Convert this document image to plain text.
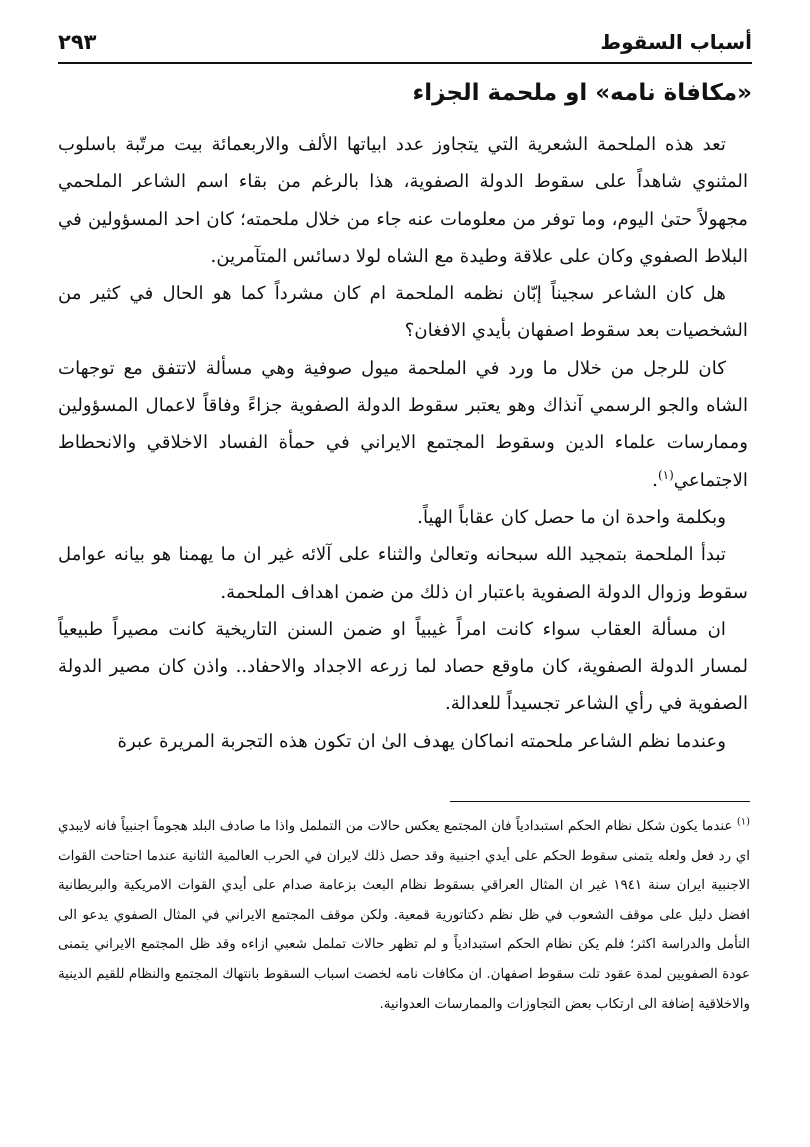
أسباب السقوط
٢٩٣
«مكافاة نامه» او ملحمة الجزاء

تعد هذه الملحمة الشعرية التي يتجاوز عدد ابياتها الألف والاربعمائة بيت مرتّبة باسلوب المثنوي شاهداً على سقوط الدولة الصفوية، هذا بالرغم من بقاء اسم الشاعر الملحمي مجهولاً حتىٰ اليوم، وما توفر من معلومات عنه جاء من خلال ملحمته؛ كان احد المسؤولين في البلاط الصفوي وكان على علاقة وطيدة مع الشاه لولا دسائس المتآمرين.

هل كان الشاعر سجيناً إبّان نظمه الملحمة ام كان مشرداً كما هو الحال في كثير من الشخصيات بعد سقوط اصفهان بأيدي الافغان؟

كان للرجل من خلال ما ورد في الملحمة ميول صوفية وهي مسألة لاتتفق مع توجهات الشاه والجو الرسمي آنذاك وهو يعتبر سقوط الدولة الصفوية جزاءً وفاقاً لاعمال المسؤولين وممارسات علماء الدين وسقوط المجتمع الايراني في حمأة الفساد الاخلاقي والانحطاط الاجتماعي$^{(١)}$.

وبكلمة واحدة ان ما حصل كان عقاباً الهياً.

تبدأ الملحمة بتمجيد الله سبحانه وتعالىٰ والثناء على آلائه غير ان ما يهمنا هو بيانه عوامل سقوط وزوال الدولة الصفوية باعتبار ان ذلك من ضمن اهداف الملحمة.

ان مسألة العقاب سواء كانت امراً غيبياً او ضمن السنن التاريخية كانت مصيراً طبيعياً لمسار الدولة الصفوية، كان ماوقع حصاد لما زرعه الاجداد والاحفاد.. واذن كان مصير الدولة الصفوية في رأي الشاعر تجسيداً للعدالة.

وعندما نظم الشاعر ملحمته انماكان يهدف الىٰ ان تكون هذه التجربة المريرة عبرة

$^{(١)}$ عندما يكون شكل نظام الحكم استبدادياً فان المجتمع يعكس حالات من التململ واذا ما صادف البلد هجوماً اجنبياً فانه لايبدي اي رد فعل ولعله يتمنى سقوط الحكم على أيدي اجنبية وقد حصل ذلك لايران في الحرب العالمية الثانية عندما احتاحت القوات الاجنبية ايران سنة ١٩٤١ غير ان المثال العراقي بسقوط نظام البعث بزعامة صدام على أيدي القوات الامريكية والبريطانية افضل دليل على موقف الشعوب في ظل نظم دكتاتورية قمعية. ولكن موقف المجتمع الايراني في المثال الصفوي يدعو الى التأمل والدراسة اكثر؛ فلم يكن نظام الحكم استبدادياً و لم تظهر حالات تململ شعبي ازاءه وقد ظل المجتمع الايراني يتمنى عودة الصفويين لمدة عقود تلت سقوط اصفهان. ان مكافات نامه لخصت اسباب السقوط بانتهاك المجتمع والنظام للقيم الدينية والاخلاقية إضافة الى ارتكاب بعض التجاوزات والممارسات العدوانية.
